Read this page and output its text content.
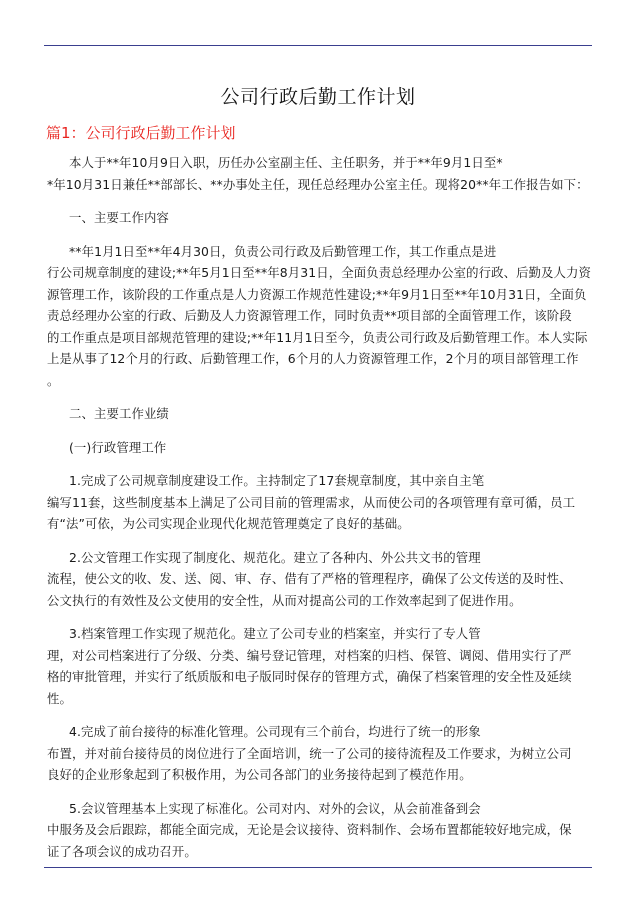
公司行政后勤工作计划
篇1：公司行政后勤工作计划
本人于**年10月9日入职，历任办公室副主任、主任职务，并于**年9月1日至*
*年10月31日兼任**部部长、**办事处主任，现任总经理办公室主任。现将20**年工作报告如下：
一、主要工作内容
**年1月1日至**年4月30日，负责公司行政及后勤管理工作，其工作重点是进
行公司规章制度的建设;**年5月1日至**年8月31日，全面负责总经理办公室的行政、后勤及人力资
源管理工作，该阶段的工作重点是人力资源工作规范性建设;**年9月1日至**年10月31日，全面负
责总经理办公室的行政、后勤及人力资源管理工作，同时负责**项目部的全面管理工作，该阶段
的工作重点是项目部规范管理的建设;**年11月1日至今，负责公司行政及后勤管理工作。本人实际
上是从事了12个月的行政、后勤管理工作，6个月的人力资源管理工作，2个月的项目部管理工作
。
二、主要工作业绩
(一)行政管理工作
1.完成了公司规章制度建设工作。主持制定了17套规章制度，其中亲自主笔
编写11套，这些制度基本上满足了公司目前的管理需求，从而使公司的各项管理有章可循，员工
有“法”可依，为公司实现企业现代化规范管理奠定了良好的基础。
2.公文管理工作实现了制度化、规范化。建立了各种内、外公共文书的管理
流程，使公文的收、发、送、阅、审、存、借有了严格的管理程序，确保了公文传送的及时性、
公文执行的有效性及公文使用的安全性，从而对提高公司的工作效率起到了促进作用。
3.档案管理工作实现了规范化。建立了公司专业的档案室，并实行了专人管
理，对公司档案进行了分级、分类、编号登记管理，对档案的归档、保管、调阅、借用实行了严
格的审批管理，并实行了纸质版和电子版同时保存的管理方式，确保了档案管理的安全性及延续
性。
4.完成了前台接待的标准化管理。公司现有三个前台，均进行了统一的形象
布置，并对前台接待员的岗位进行了全面培训，统一了公司的接待流程及工作要求，为树立公司
良好的企业形象起到了积极作用，为公司各部门的业务接待起到了模范作用。
5.会议管理基本上实现了标准化。公司对内、对外的会议，从会前准备到会
中服务及会后跟踪，都能全面完成，无论是会议接待、资料制作、会场布置都能较好地完成，保
证了各项会议的成功召开。
